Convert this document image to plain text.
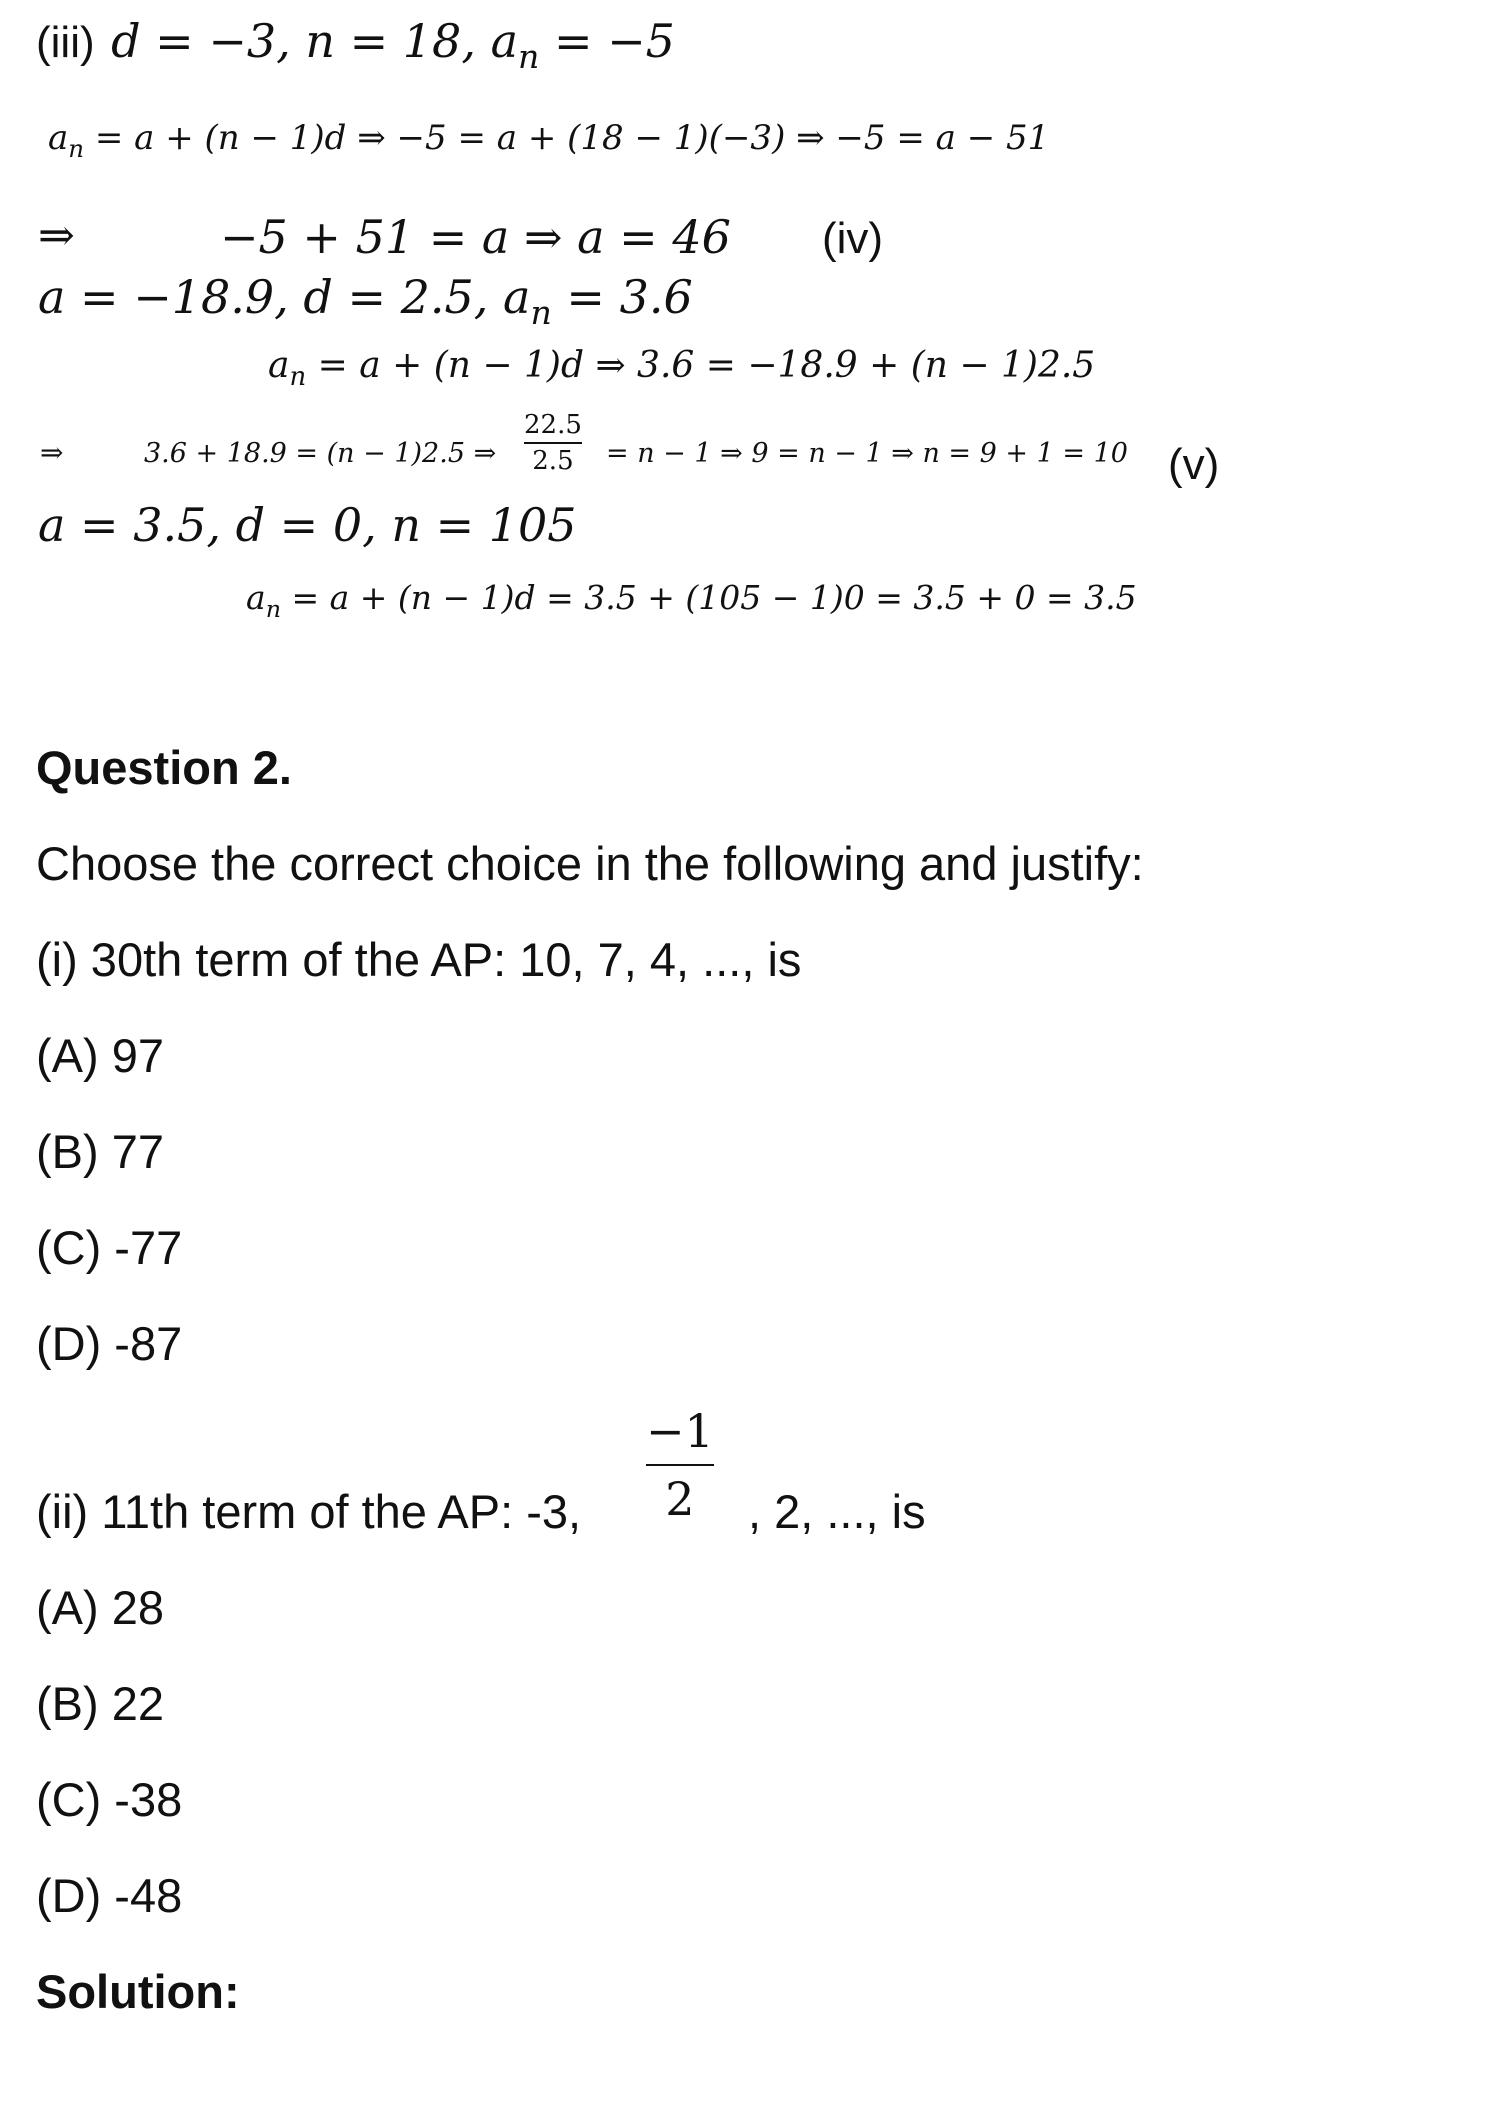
(iii) d = −3, n = 18, $a_n = -5$
$a_n = a + (n - 1)d$ ⇒ −5 = a + (18 − 1)(−3) ⇒ −5 = a − 51
⇒	−5 + 51 = a ⇒ a = 46 (iv)
a = −18.9, d = 2.5, $a_n = 3.6$
$a_n = a + (n - 1)d$ ⇒ 3.6 = −18.9 + (n − 1)2.5
⇒	3.6 + 18.9 = (n − 1)2.5 ⇒
22.5
2.5 = n − 1 ⇒ 9 = n − 1 ⇒ n = 9 + 1 = 10 (v)
a = 3.5, d = 0, n = 105
$a_n = a + (n - 1)d = 3.5 + (105 - 1)0 = 3.5 + 0 = 3.5$
Question 2.
Choose the correct choice in the following and justify:
(i) 30th term of the AP: 10, 7, 4, ..., is
(A) 97
(B) 77
(C) -77
(D) -87
(ii) 11th term of the AP: -3,
−1
2 , 2, ..., is
(A) 28
(B) 22
(C) -38
(D) -48
Solution:
